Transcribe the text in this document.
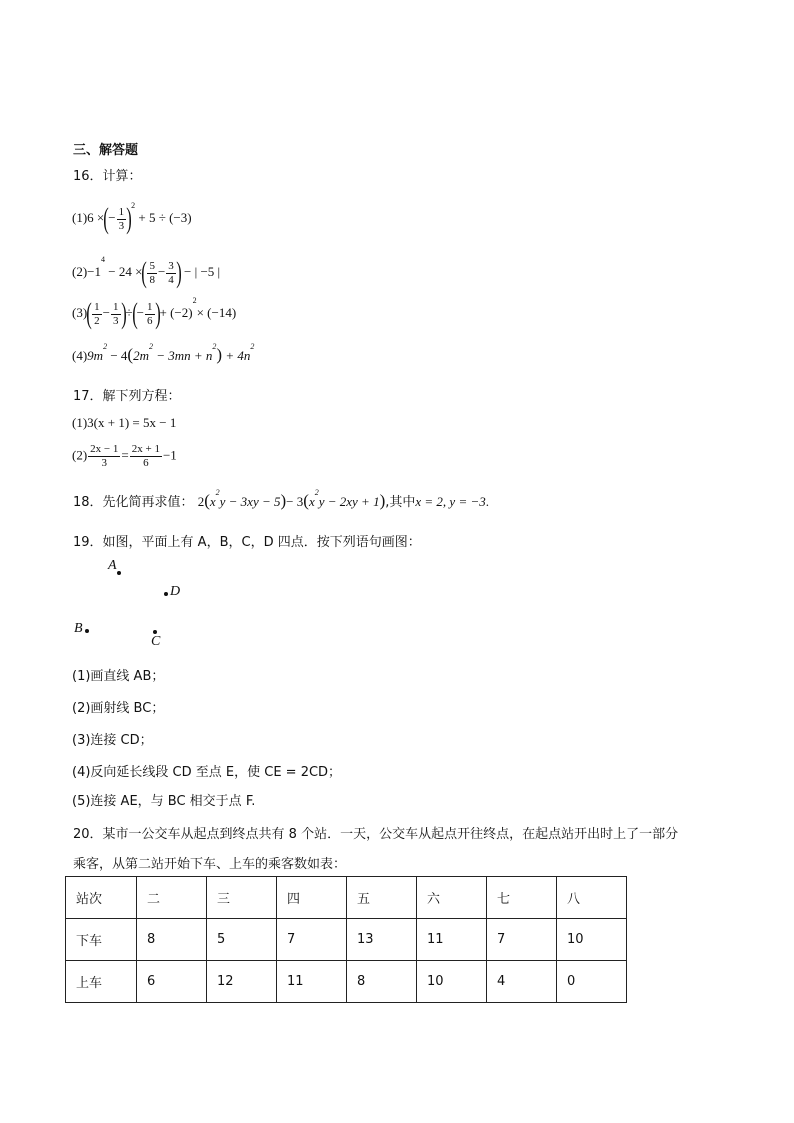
三、解答题
16．计算：
(1)6 ×(− $\frac{1}{3} )^2 + 5 \div (-3)$
$(2)-1^4 - 24$ ×( $\frac{5}{8} - \frac{3}{4}$ ) − | −5 |
$(3)( \frac{1}{2} - \frac{1}{3}$ )÷(− $\frac{1}{6}$ )+ $(-2)^2\times (-14)$
$(4)9m^2 - 4(2m^2 - 3mn + n^2) + 4n^2$
17．解下列方程：
(1)3(x + 1) = 5x − 1
$(2) \frac{2x - 1}{3} = \frac{2x + 1}{6} -1$
18．先化简再求值： $2(x^2y - 3xy - 5)- 3(x^2y - 2xy + 1)$,其中x = 2, y = −3.
19．如图，平面上有 A，B，C，D 四点．按下列语句画图：
A
D
B
C
(1)画直线 AB；
(2)画射线 BC；
(3)连接 CD；
(4)反向延长线段 CD 至点 E，使 CE = 2CD；
(5)连接 AE，与 BC 相交于点 F.
20．某市一公交车从起点到终点共有 8 个站．一天，公交车从起点开往终点，在起点站开出时上了一部分
乘客，从第二站开始下车、上车的乘客数如表：
站次	二	三	四	五	六	七	八
下车	8	5	7	13	11	7	10
上车	6	12	11	8	10	4	0
